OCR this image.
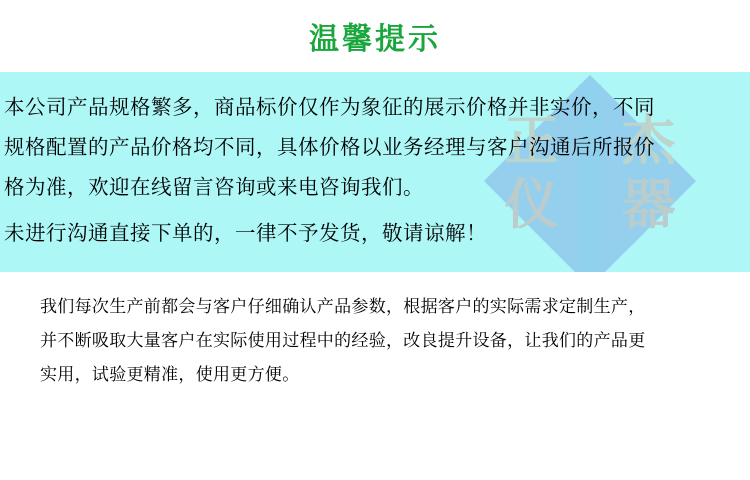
温馨提示
正 杰
仪 器
本公司产品规格繁多，商品标价仅作为象征的展示价格并非实价，不同
规格配置的产品价格均不同，具体价格以业务经理与客户沟通后所报价
格为准，欢迎在线留言咨询或来电咨询我们。
未进行沟通直接下单的，一律不予发货，敬请谅解！
我们每次生产前都会与客户仔细确认产品参数，根据客户的实际需求定制生产，
并不断吸取大量客户在实际使用过程中的经验，改良提升设备，让我们的产品更
实用，试验更精准，使用更方便。
